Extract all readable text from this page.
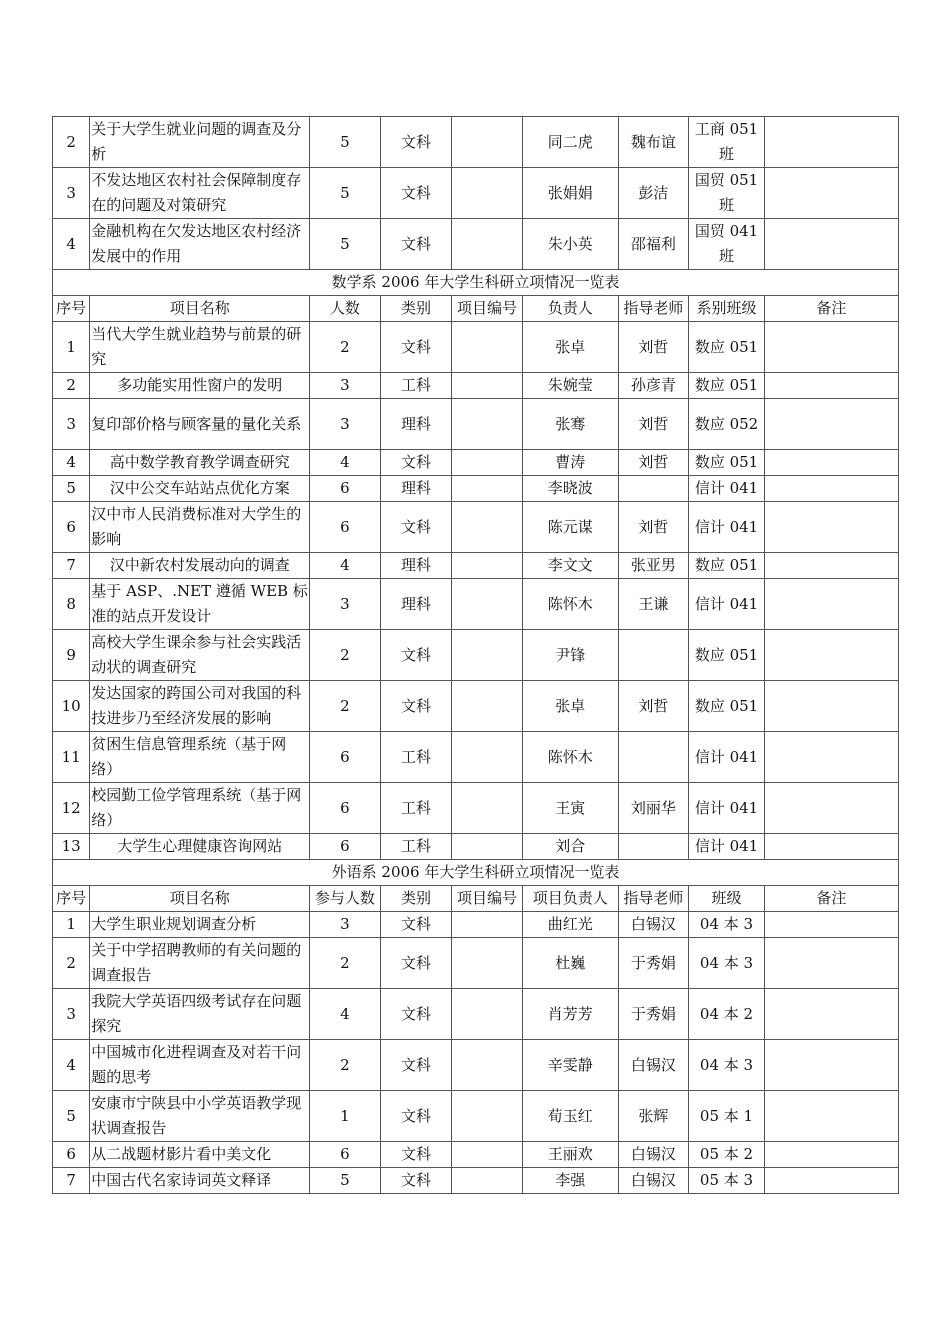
2	关于大学生就业问题的调查及分析	5	文科		同二虎	魏布谊	工商 051 班	
3	不发达地区农村社会保障制度存在的问题及对策研究	5	文科		张娟娟	彭洁	国贸 051 班	
4	金融机构在欠发达地区农村经济发展中的作用	5	文科		朱小英	邵福利	国贸 041 班	
数学系 2006 年大学生科研立项情况一览表								
序号	项目名称	人数	类别	项目编号	负责人	指导老师	系别班级	备注
1	当代大学生就业趋势与前景的研究	2	文科		张卓	刘哲	数应 051	
2	多功能实用性窗户的发明	3	工科		朱婉莹	孙彦青	数应 051	
3	复印部价格与顾客量的量化关系	3	理科		张骞	刘哲	数应 052	
4	高中数学教育教学调查研究	4	文科		曹涛	刘哲	数应 051	
5	汉中公交车站站点优化方案	6	理科		李晓波		信计 041	
6	汉中市人民消费标准对大学生的影响	6	文科		陈元谋	刘哲	信计 041	
7	汉中新农村发展动向的调查	4	理科		李文文	张亚男	数应 051	
8	基于 ASP、.NET 遵循 WEB 标准的站点开发设计	3	理科		陈怀木	王谦	信计 041	
9	高校大学生课余参与社会实践活动状的调查研究	2	文科		尹锋		数应 051	
10	发达国家的跨国公司对我国的科技进步乃至经济发展的影响	2	文科		张卓	刘哲	数应 051	
11	贫困生信息管理系统（基于网络）	6	工科		陈怀木		信计 041	
12	校园勤工俭学管理系统（基于网络）	6	工科		王寅	刘丽华	信计 041	
13	大学生心理健康咨询网站	6	工科		刘合		信计 041	
外语系 2006 年大学生科研立项情况一览表								
序号	项目名称	参与人数	类别	项目编号	项目负责人	指导老师	班级	备注
1	大学生职业规划调查分析	3	文科		曲红光	白锡汉	04 本 3	
2	关于中学招聘教师的有关问题的调查报告	2	文科		杜巍	于秀娟	04 本 3	
3	我院大学英语四级考试存在问题探究	4	文科		肖芳芳	于秀娟	04 本 2	
4	中国城市化进程调查及对若干问题的思考	2	文科		辛雯静	白锡汉	04 本 3	
5	安康市宁陕县中小学英语教学现状调查报告	1	文科		荀玉红	张辉	05 本 1	
6	从二战题材影片看中美文化	6	文科		王丽欢	白锡汉	05 本 2	
7	中国古代名家诗词英文释译	5	文科		李强	白锡汉	05 本 3	
